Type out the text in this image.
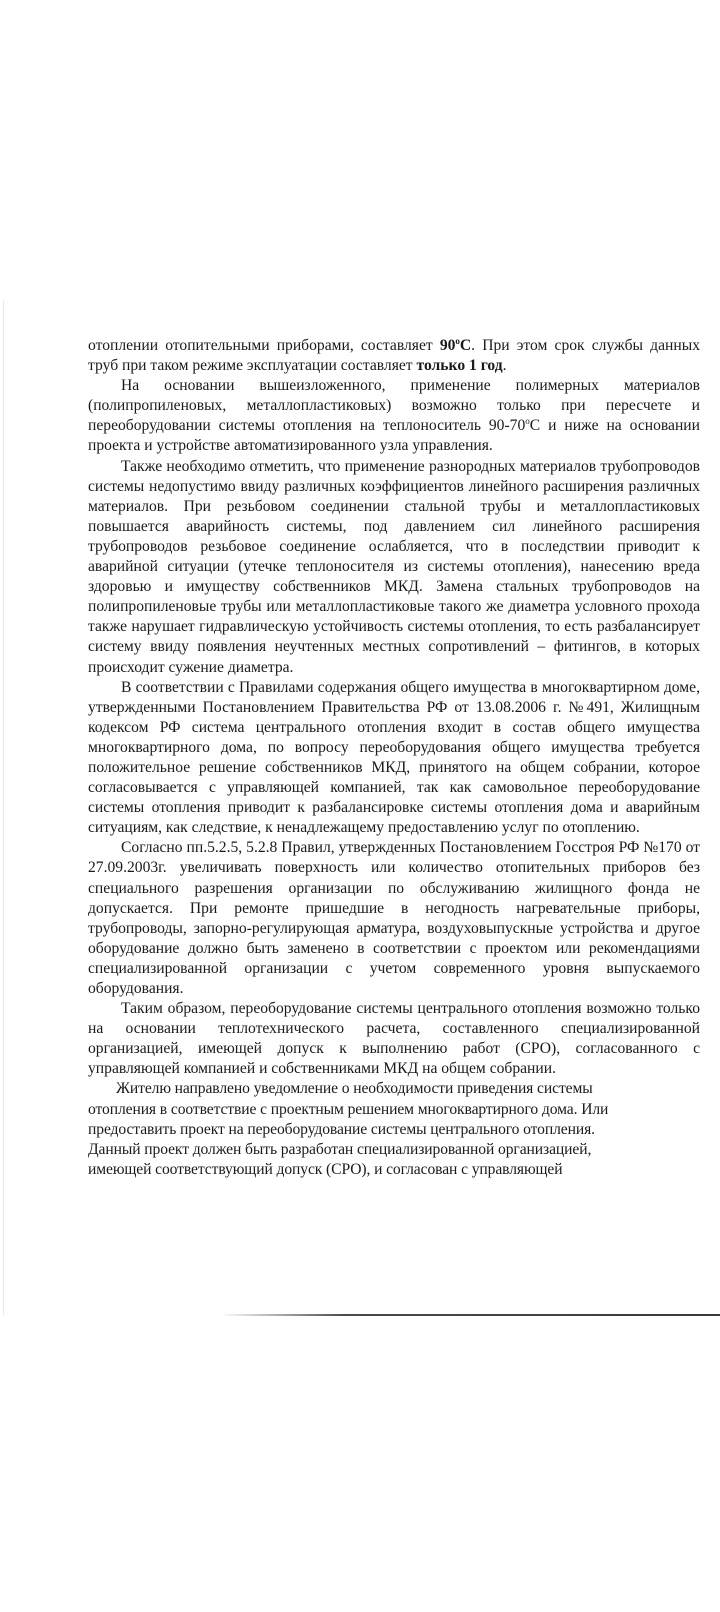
отоплении отопительными приборами, составляет $90^оС$. При этом срок службы данных труб при таком режиме эксплуатации составляет только 1 год.

На основании вышеизложенного, применение полимерных материалов (полипропиленовых, металлопластиковых) возможно только при пересчете и переоборудовании системы отопления на теплоноситель $90-70^оС$ и ниже на основании проекта и устройстве автоматизированного узла управления.

Также необходимо отметить, что применение разнородных материалов трубопроводов системы недопустимо ввиду различных коэффициентов линейного расширения различных материалов. При резьбовом соединении стальной трубы и металлопластиковых повышается аварийность системы, под давлением сил линейного расширения трубопроводов резьбовое соединение ослабляется, что в последствии приводит к аварийной ситуации (утечке теплоносителя из системы отопления), нанесению вреда здоровью и имуществу собственников МКД. Замена стальных трубопроводов на полипропиленовые трубы или металлопластиковые такого же диаметра условного прохода также нарушает гидравлическую устойчивость системы отопления, то есть разбалансирует систему ввиду появления неучтенных местных сопротивлений – фитингов, в которых происходит сужение диаметра.

В соответствии с Правилами содержания общего имущества в многоквартирном доме, утвержденными Постановлением Правительства РФ от 13.08.2006 г. №491, Жилищным кодексом РФ система центрального отопления входит в состав общего имущества многоквартирного дома, по вопросу переоборудования общего имущества требуется положительное решение собственников МКД, принятого на общем собрании, которое согласовывается с управляющей компанией, так как самовольное переоборудование системы отопления приводит к разбалансировке системы отопления дома и аварийным ситуациям, как следствие, к ненадлежащему предоставлению услуг по отоплению.

Согласно пп.5.2.5, 5.2.8 Правил, утвержденных Постановлением Госстроя РФ №170 от 27.09.2003г. увеличивать поверхность или количество отопительных приборов без специального разрешения организации по обслуживанию жилищного фонда не допускается. При ремонте пришедшие в негодность нагревательные приборы, трубопроводы, запорно-регулирующая арматура, воздуховыпускные устройства и другое оборудование должно быть заменено в соответствии с проектом или рекомендациями специализированной организации с учетом современного уровня выпускаемого оборудования.

Таким образом, переоборудование системы центрального отопления возможно только на основании теплотехнического расчета, составленного специализированной организацией, имеющей допуск к выполнению работ (СРО), согласованного с управляющей компанией и собственниками МКД на общем собрании.

Жителю направлено уведомление о необходимости приведения системы

отопления в соответствие с проектным решением многоквартирного дома. Или

предоставить проект на переоборудование системы центрального отопления.

Данный проект должен быть разработан специализированной организацией,

имеющей соответствующий допуск (СРО), и согласован с управляющей
